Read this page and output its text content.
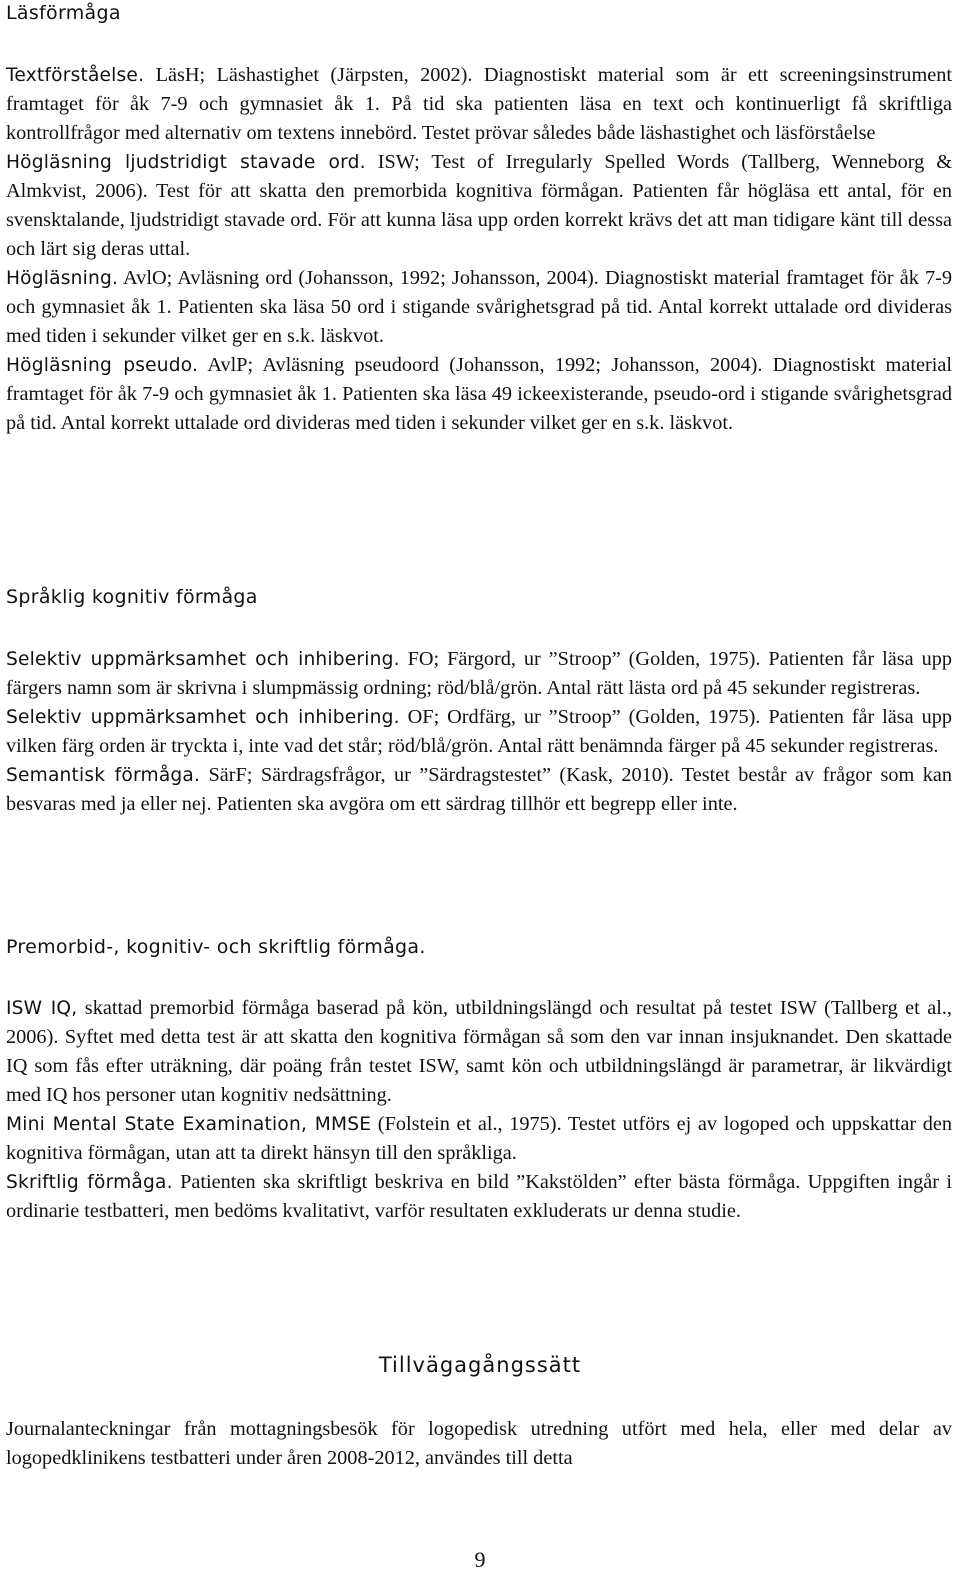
Läsförmåga

Textförståelse. LäsH; Läshastighet (Järpsten, 2002). Diagnostiskt material som är ett screeningsinstrument framtaget för åk 7-9 och gymnasiet åk 1. På tid ska patienten läsa en text och kontinuerligt få skriftliga kontrollfrågor med alternativ om textens innebörd. Testet prövar således både läshastighet och läsförståelse

Högläsning ljudstridigt stavade ord. ISW; Test of Irregularly Spelled Words (Tallberg, Wenneborg & Almkvist, 2006). Test för att skatta den premorbida kognitiva förmågan. Patienten får högläsa ett antal, för en svensktalande, ljudstridigt stavade ord. För att kunna läsa upp orden korrekt krävs det att man tidigare känt till dessa och lärt sig deras uttal.

Högläsning. AvlO; Avläsning ord (Johansson, 1992; Johansson, 2004). Diagnostiskt material framtaget för åk 7-9 och gymnasiet åk 1. Patienten ska läsa 50 ord i stigande svårighetsgrad på tid. Antal korrekt uttalade ord divideras med tiden i sekunder vilket ger en s.k. läskvot.

Högläsning pseudo. AvlP; Avläsning pseudoord (Johansson, 1992; Johansson, 2004). Diagnostiskt material framtaget för åk 7-9 och gymnasiet åk 1. Patienten ska läsa 49 ickeexisterande, pseudo-ord i stigande svårighetsgrad på tid. Antal korrekt uttalade ord divideras med tiden i sekunder vilket ger en s.k. läskvot.

Språklig kognitiv förmåga

Selektiv uppmärksamhet och inhibering. FO; Färgord, ur ”Stroop” (Golden, 1975). Patienten får läsa upp färgers namn som är skrivna i slumpmässig ordning; röd/blå/grön. Antal rätt lästa ord på 45 sekunder registreras.

Selektiv uppmärksamhet och inhibering. OF; Ordfärg, ur ”Stroop” (Golden, 1975). Patienten får läsa upp vilken färg orden är tryckta i, inte vad det står; röd/blå/grön. Antal rätt benämnda färger på 45 sekunder registreras.

Semantisk förmåga. SärF; Särdragsfrågor, ur ”Särdragstestet” (Kask, 2010). Testet består av frågor som kan besvaras med ja eller nej. Patienten ska avgöra om ett särdrag tillhör ett begrepp eller inte.

Premorbid-, kognitiv- och skriftlig förmåga.

ISW IQ, skattad premorbid förmåga baserad på kön, utbildningslängd och resultat på testet ISW (Tallberg et al., 2006). Syftet med detta test är att skatta den kognitiva förmågan så som den var innan insjuknandet. Den skattade IQ som fås efter uträkning, där poäng från testet ISW, samt kön och utbildningslängd är parametrar, är likvärdigt med IQ hos personer utan kognitiv nedsättning.

Mini Mental State Examination, MMSE (Folstein et al., 1975). Testet utförs ej av logoped och uppskattar den kognitiva förmågan, utan att ta direkt hänsyn till den språkliga.

Skriftlig förmåga. Patienten ska skriftligt beskriva en bild ”Kakstölden” efter bästa förmåga. Uppgiften ingår i ordinarie testbatteri, men bedöms kvalitativt, varför resultaten exkluderats ur denna studie.

Tillvägagångssätt

Journalanteckningar från mottagningsbesök för logopedisk utredning utfört med hela, eller med delar av logopedklinikens testbatteri under åren 2008-2012, användes till detta

9
